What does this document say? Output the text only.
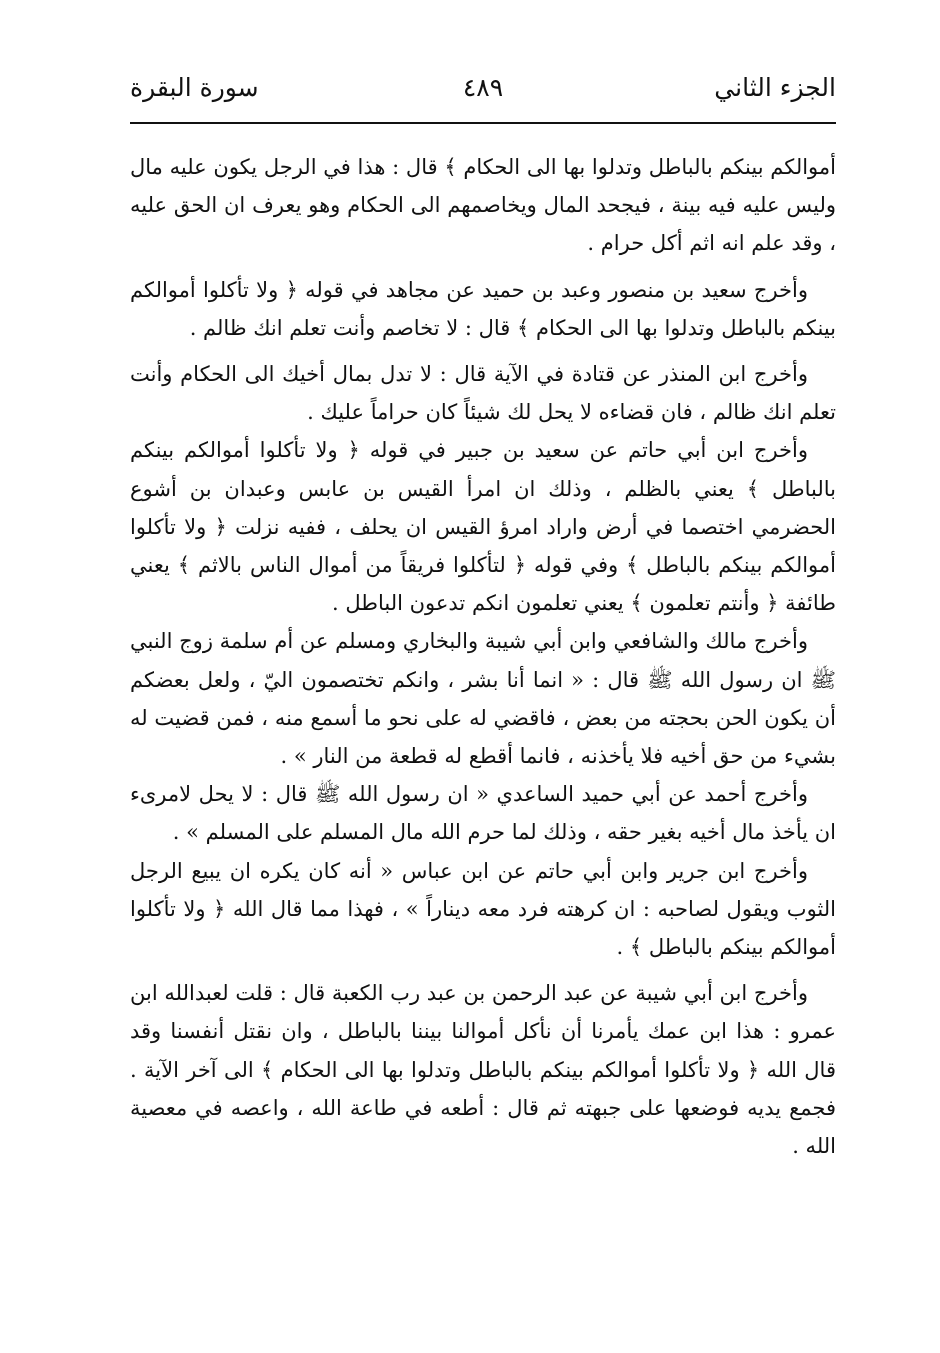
الجزء الثاني
٤٨٩
سورة البقرة

أموالكم بينكم بالباطل وتدلوا بها الى الحكام ﴾ قال : هذا في الرجل يكون عليه مال وليس عليه فيه بينة ، فيجحد المال ويخاصمهم الى الحكام وهو يعرف ان الحق عليه ، وقد علم انه اثم أكل حرام .

وأخرج سعيد بن منصور وعبد بن حميد عن مجاهد في قوله ﴿ ولا تأكلوا أموالكم بينكم بالباطل وتدلوا بها الى الحكام ﴾ قال : لا تخاصم وأنت تعلم انك ظالم .

وأخرج ابن المنذر عن قتادة في الآية قال : لا تدل بمال أخيك الى الحكام وأنت تعلم انك ظالم ، فان قضاءه لا يحل لك شيئاً كان حراماً عليك .

وأخرج ابن أبي حاتم عن سعيد بن جبير في قوله ﴿ ولا تأكلوا أموالكم بينكم بالباطل ﴾ يعني بالظلم ، وذلك ان امرأ القيس بن عابس وعبدان بن أشوع الحضرمي اختصما في أرض واراد امرؤ القيس ان يحلف ، ففيه نزلت ﴿ ولا تأكلوا أموالكم بينكم بالباطل ﴾ وفي قوله ﴿ لتأكلوا فريقاً من أموال الناس بالاثم ﴾ يعني طائفة ﴿ وأنتم تعلمون ﴾ يعني تعلمون انكم تدعون الباطل .

وأخرج مالك والشافعي وابن أبي شيبة والبخاري ومسلم عن أم سلمة زوج النبي ﷺ ان رسول الله ﷺ قال : « انما أنا بشر ، وانكم تختصمون اليّ ، ولعل بعضكم أن يكون الحن بحجته من بعض ، فاقضي له على نحو ما أسمع منه ، فمن قضيت له بشيء من حق أخيه فلا يأخذنه ، فانما أقطع له قطعة من النار » .

وأخرج أحمد عن أبي حميد الساعدي « ان رسول الله ﷺ قال : لا يحل لامرىء ان يأخذ مال أخيه بغير حقه ، وذلك لما حرم الله مال المسلم على المسلم » .

وأخرج ابن جرير وابن أبي حاتم عن ابن عباس « أنه كان يكره ان يبيع الرجل الثوب ويقول لصاحبه : ان كرهته فرد معه ديناراً » ، فهذا مما قال الله ﴿ ولا تأكلوا أموالكم بينكم بالباطل ﴾ .

وأخرج ابن أبي شيبة عن عبد الرحمن بن عبد رب الكعبة قال : قلت لعبدالله ابن عمرو : هذا ابن عمك يأمرنا أن نأكل أموالنا بيننا بالباطل ، وان نقتل أنفسنا وقد قال الله ﴿ ولا تأكلوا أموالكم بينكم بالباطل وتدلوا بها الى الحكام ﴾ الى آخر الآية . فجمع يديه فوضعها على جبهته ثم قال : أطعه في طاعة الله ، واعصه في معصية الله .
